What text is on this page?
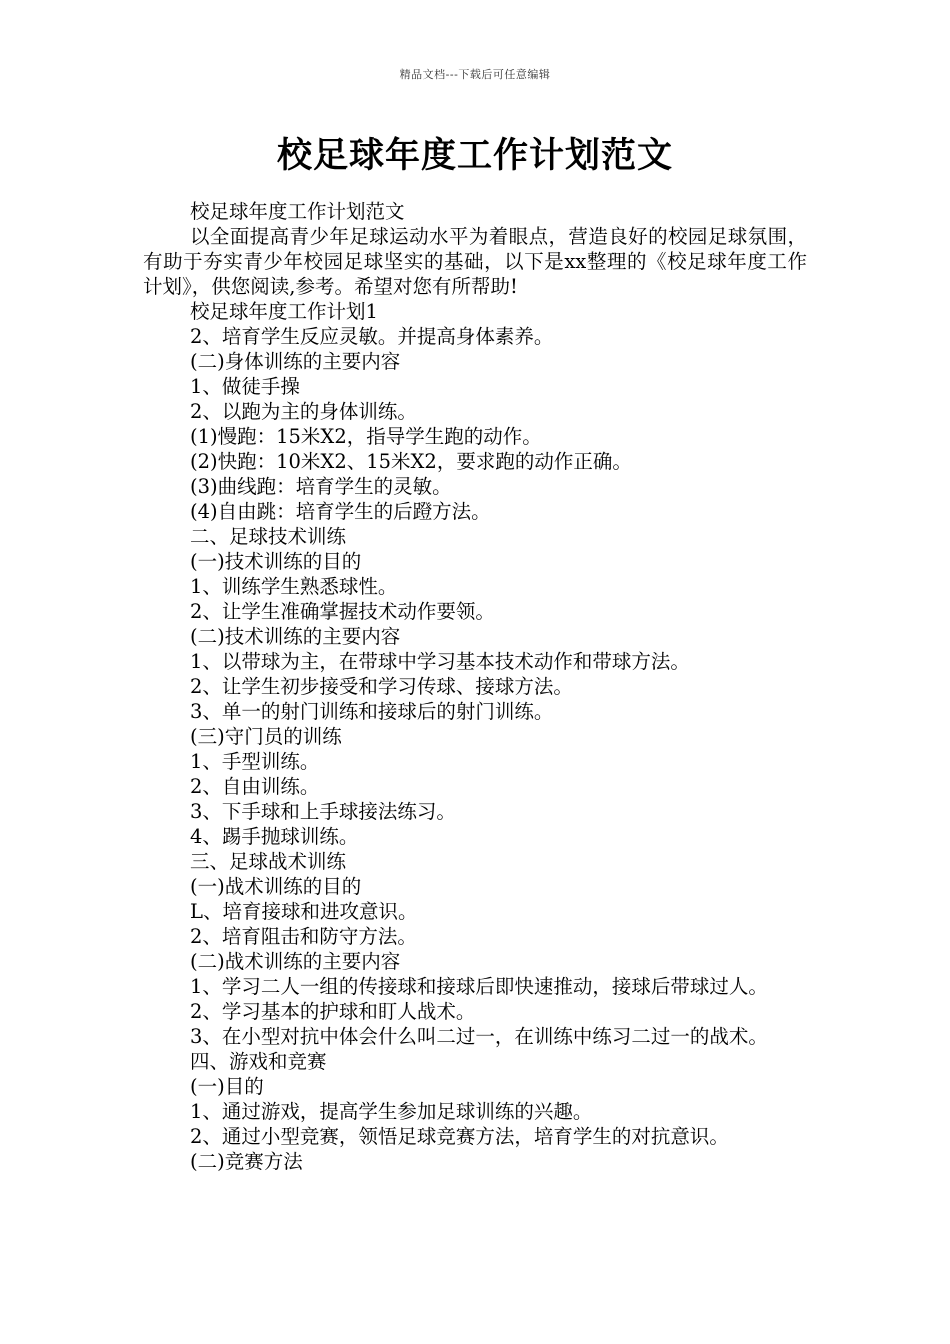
精品文档---下载后可任意编辑
校足球年度工作计划范文

校足球年度工作计划范文

以全面提高青少年足球运动水平为着眼点，营造良好的校园足球氛围，有助于夯实青少年校园足球坚实的基础，以下是xx整理的《校足球年度工作计划》，供您阅读,参考。希望对您有所帮助!

校足球年度工作计划1

2、培育学生反应灵敏。并提高身体素养。

(二)身体训练的主要内容

1、做徒手操

2、以跑为主的身体训练。

(1)慢跑：15米X2，指导学生跑的动作。

(2)快跑：10米X2、15米X2，要求跑的动作正确。

(3)曲线跑：培育学生的灵敏。

(4)自由跳：培育学生的后蹬方法。

二、足球技术训练

(一)技术训练的目的

1、训练学生熟悉球性。

2、让学生准确掌握技术动作要领。

(二)技术训练的主要内容

1、以带球为主，在带球中学习基本技术动作和带球方法。

2、让学生初步接受和学习传球、接球方法。

3、单一的射门训练和接球后的射门训练。

(三)守门员的训练

1、手型训练。

2、自由训练。

3、下手球和上手球接法练习。

4、踢手抛球训练。

三、足球战术训练

(一)战术训练的目的

L、培育接球和进攻意识。

2、培育阻击和防守方法。

(二)战术训练的主要内容

1、学习二人一组的传接球和接球后即快速推动，接球后带球过人。

2、学习基本的护球和盯人战术。

3、在小型对抗中体会什么叫二过一，在训练中练习二过一的战术。

四、游戏和竞赛

(一)目的

1、通过游戏，提高学生参加足球训练的兴趣。

2、通过小型竞赛，领悟足球竞赛方法，培育学生的对抗意识。

(二)竞赛方法
